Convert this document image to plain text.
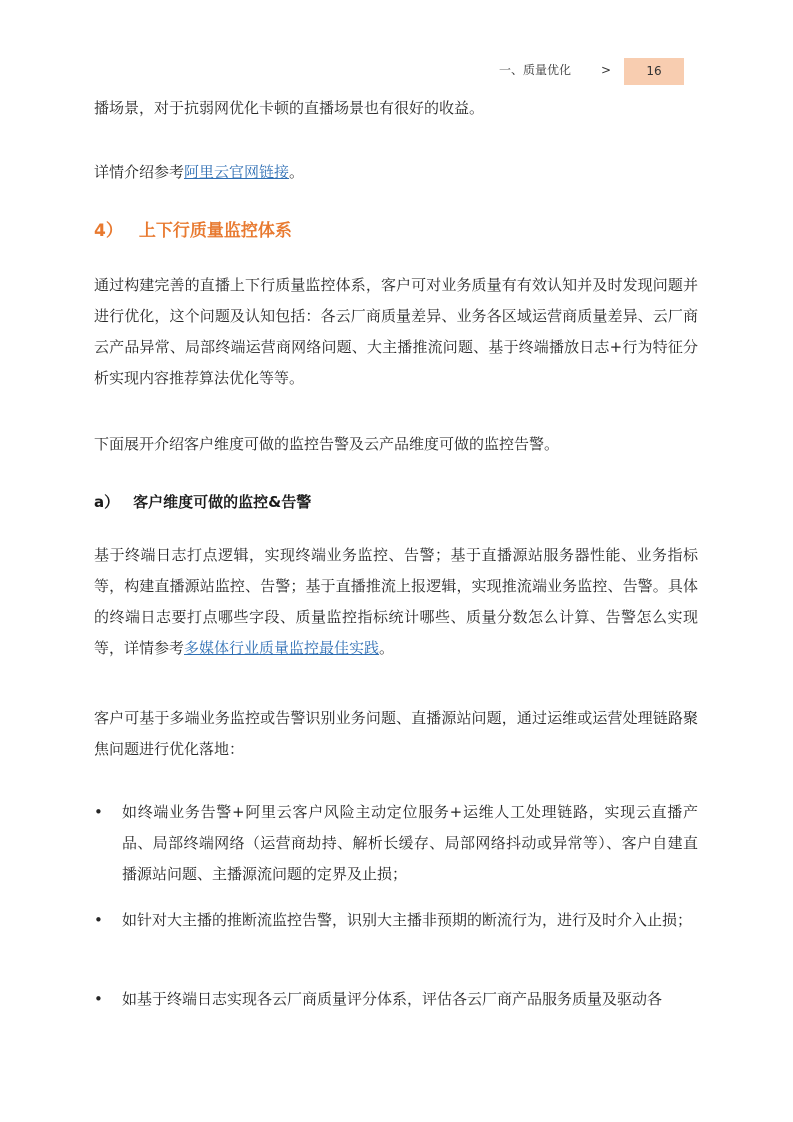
一、质量优化 >	16

播场景，对于抗弱网优化卡顿的直播场景也有很好的收益。

详情介绍参考阿里云官网链接。

4） 上下行质量监控体系

通过构建完善的直播上下行质量监控体系，客户可对业务质量有有效认知并及时发现问题并进行优化，这个问题及认知包括：各云厂商质量差异、业务各区域运营商质量差异、云厂商云产品异常、局部终端运营商网络问题、大主播推流问题、基于终端播放日志+行为特征分析实现内容推荐算法优化等等。

下面展开介绍客户维度可做的监控告警及云产品维度可做的监控告警。

a） 客户维度可做的监控&告警

基于终端日志打点逻辑，实现终端业务监控、告警；基于直播源站服务器性能、业务指标等，构建直播源站监控、告警；基于直播推流上报逻辑，实现推流端业务监控、告警。具体的终端日志要打点哪些字段、质量监控指标统计哪些、质量分数怎么计算、告警怎么实现等，详情参考多媒体行业质量监控最佳实践。

客户可基于多端业务监控或告警识别业务问题、直播源站问题，通过运维或运营处理链路聚焦问题进行优化落地：

• 如终端业务告警+阿里云客户风险主动定位服务+运维人工处理链路，实现云直播产品、局部终端网络（运营商劫持、解析长缓存、局部网络抖动或异常等）、客户自建直播源站问题、主播源流问题的定界及止损；

• 如针对大主播的推断流监控告警，识别大主播非预期的断流行为，进行及时介入止损；

• 如基于终端日志实现各云厂商质量评分体系，评估各云厂商产品服务质量及驱动各
